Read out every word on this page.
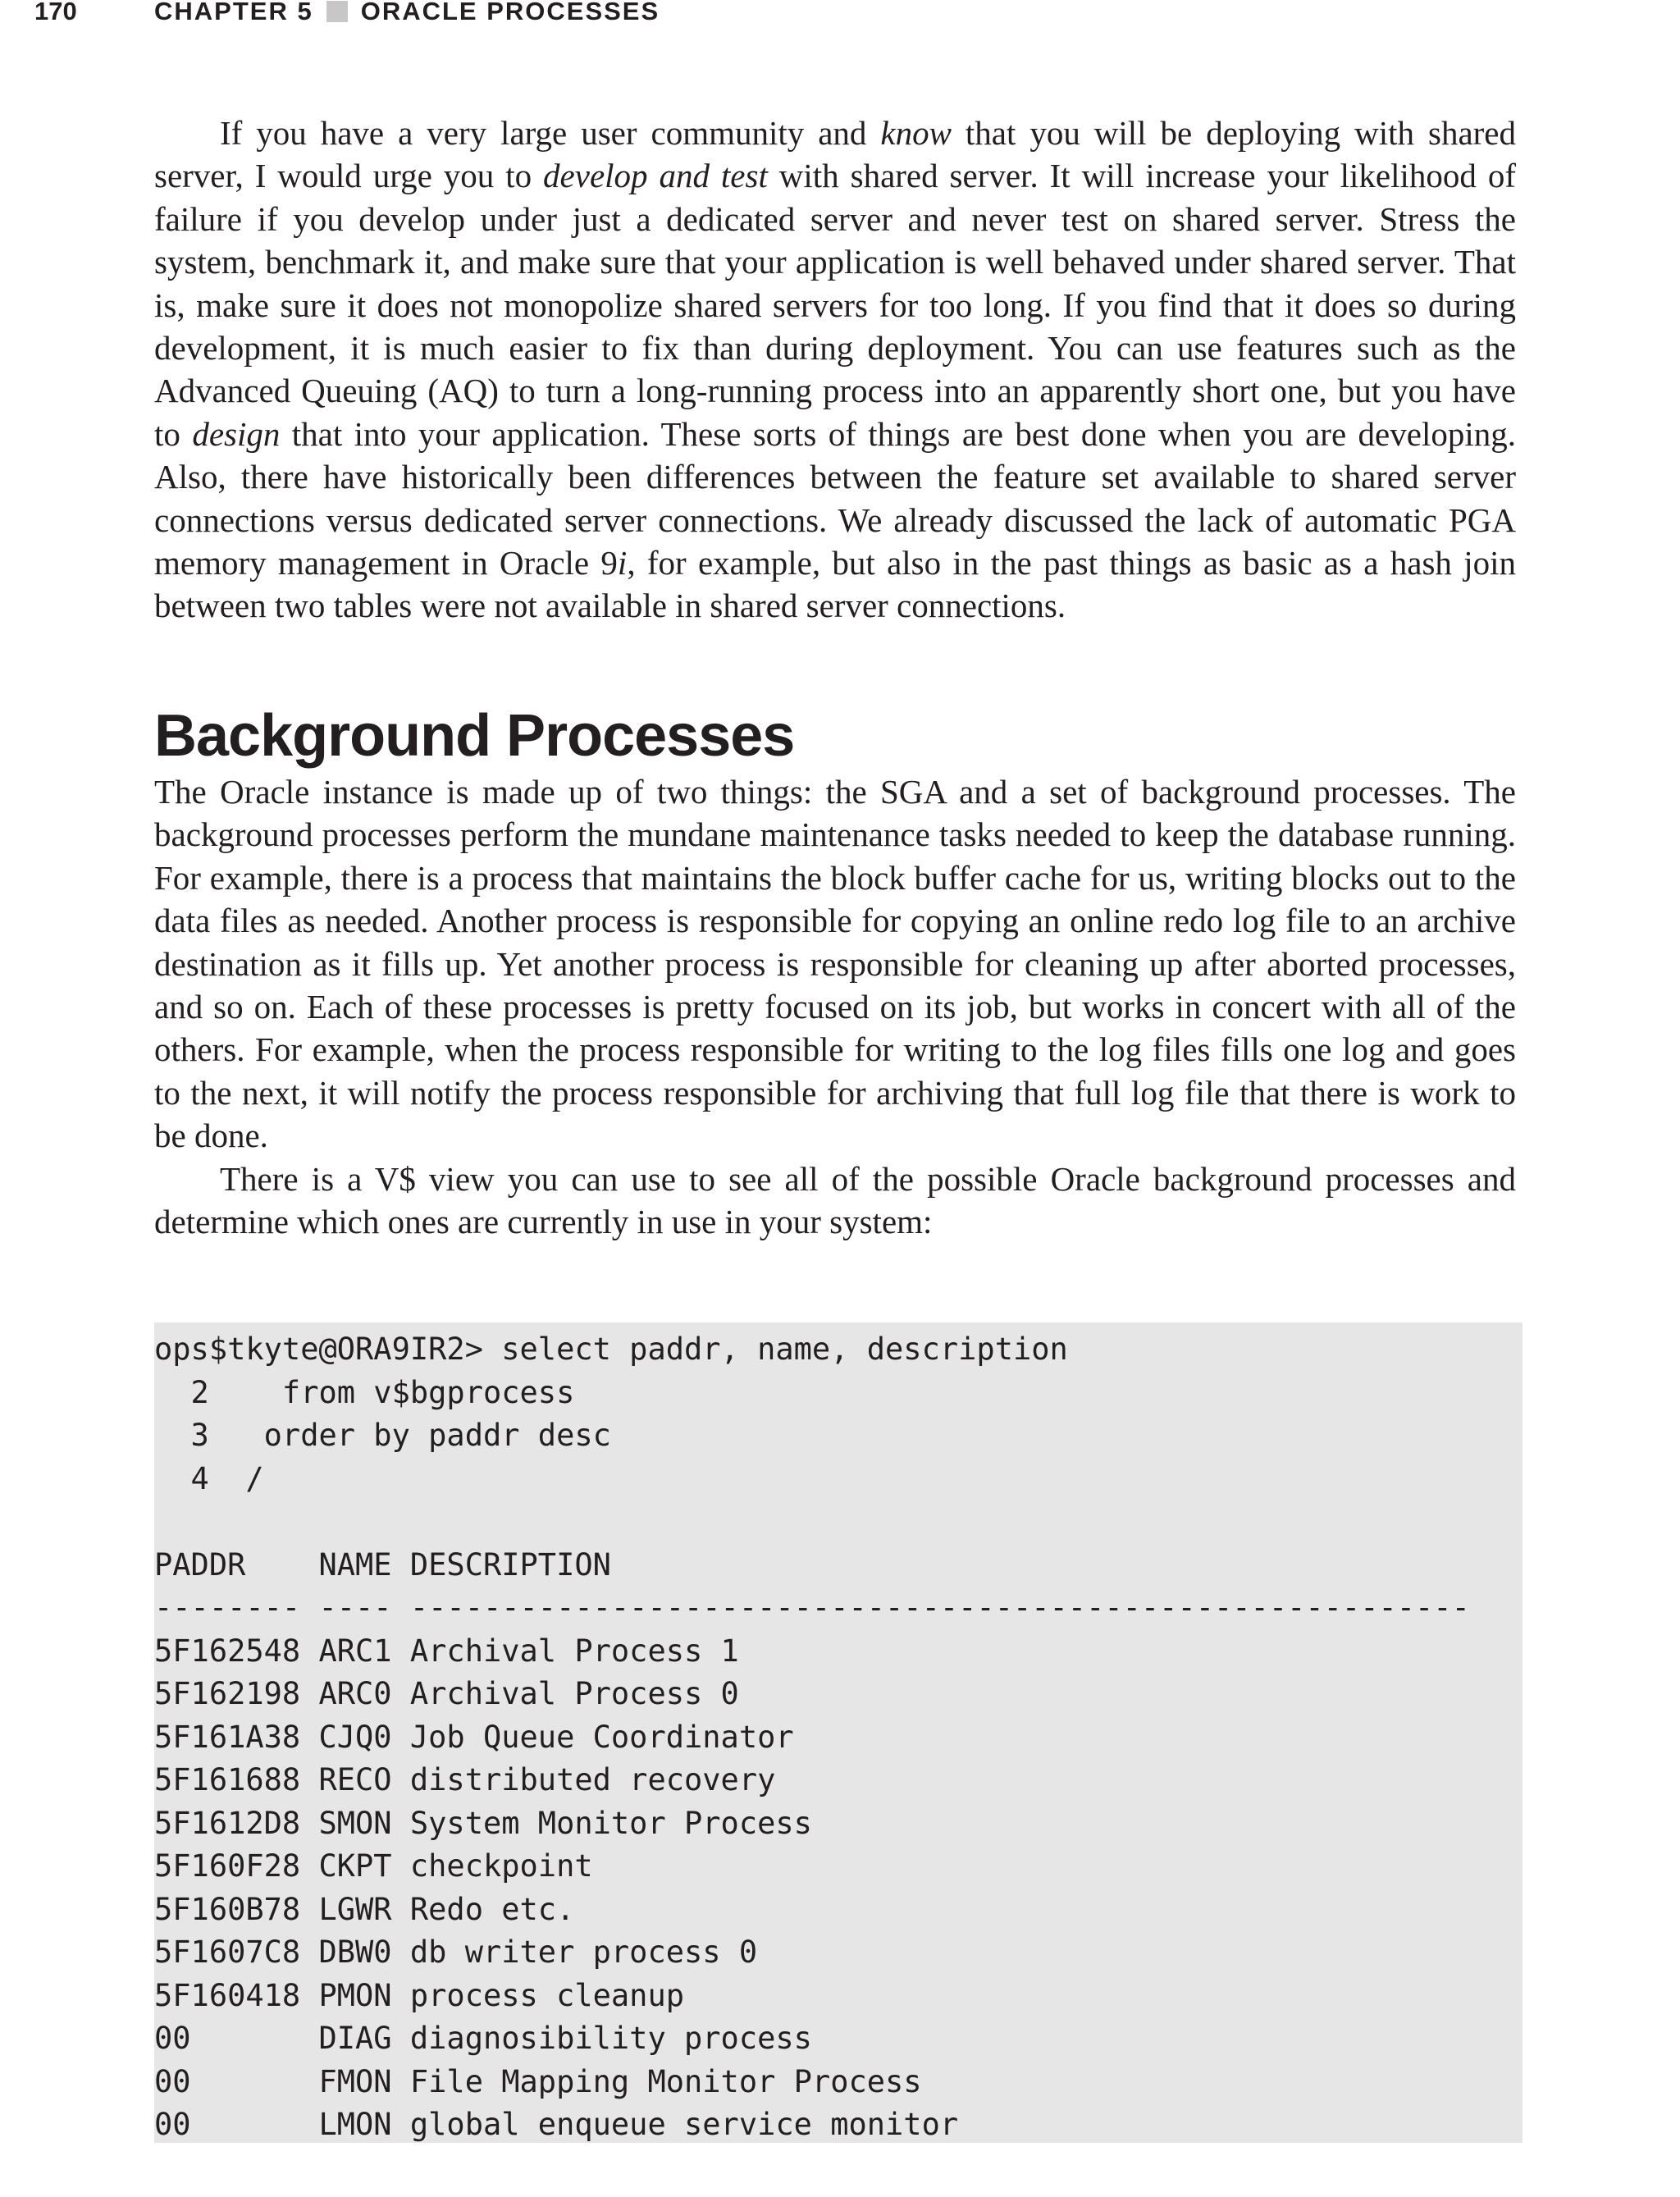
170	CHAPTER 5 ORACLE PROCESSES

If you have a very large user community and know that you will be deploying with shared server, I would urge you to develop and test with shared server. It will increase your likelihood of failure if you develop under just a dedicated server and never test on shared server. Stress the system, benchmark it, and make sure that your application is well behaved under shared server. That is, make sure it does not monopolize shared servers for too long. If you find that it does so during development, it is much easier to fix than during deployment. You can use features such as the Advanced Queuing (AQ) to turn a long-running process into an apparently short one, but you have to design that into your application. These sorts of things are best done when you are developing. Also, there have historically been differences between the feature set available to shared server connections versus dedicated server connections. We already discussed the lack of automatic PGA memory management in Oracle 9i, for example, but also in the past things as basic as a hash join between two tables were not available in shared server connections.

Background Processes

The Oracle instance is made up of two things: the SGA and a set of background processes. The background processes perform the mundane maintenance tasks needed to keep the database running. For example, there is a process that maintains the block buffer cache for us, writing blocks out to the data files as needed. Another process is responsible for copying an online redo log file to an archive destination as it fills up. Yet another process is responsible for cleaning up after aborted processes, and so on. Each of these processes is pretty focused on its job, but works in concert with all of the others. For example, when the process responsible for writing to the log files fills one log and goes to the next, it will notify the process responsible for archiving that full log file that there is work to be done.

There is a V$ view you can use to see all of the possible Oracle background processes and determine which ones are currently in use in your system:

ops$tkyte@ORA9IR2> select paddr, name, description
2    from v$bgprocess
3   order by paddr desc
4  /
PADDR    NAME DESCRIPTION
-------- ---- ----------------------------------------------------------
5F162548 ARC1 Archival Process 1
5F162198 ARC0 Archival Process 0
5F161A38 CJQ0 Job Queue Coordinator
5F161688 RECO distributed recovery
5F1612D8 SMON System Monitor Process
5F160F28 CKPT checkpoint
5F160B78 LGWR Redo etc.
5F1607C8 DBW0 db writer process 0
5F160418 PMON process cleanup
00       DIAG diagnosibility process
00       FMON File Mapping Monitor Process
00       LMON global enqueue service monitor
